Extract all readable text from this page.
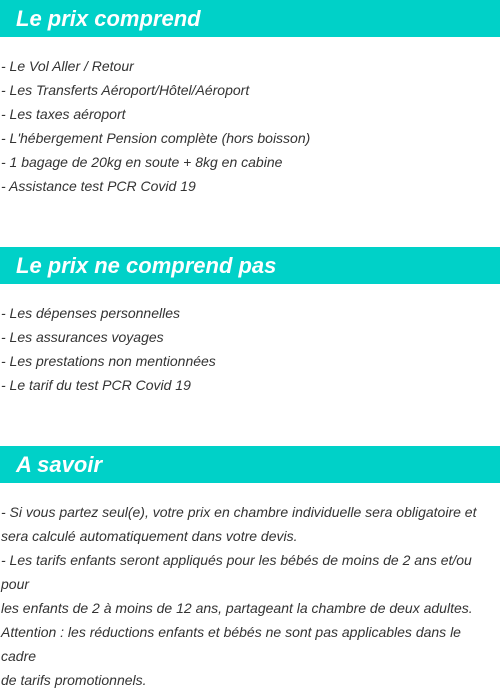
Le prix comprend
- Le Vol Aller / Retour
- Les Transferts Aéroport/Hôtel/Aéroport
- Les taxes aéroport
- L'hébergement Pension complète (hors boisson)
- 1 bagage de 20kg en soute + 8kg en cabine
- Assistance test PCR Covid 19
Le prix ne comprend pas
- Les dépenses personnelles
- Les assurances voyages
- Les prestations non mentionnées
- Le tarif du test PCR Covid 19
A savoir
- Si vous partez seul(e), votre prix en chambre individuelle sera obligatoire et
sera calculé automatiquement dans votre devis.
- Les tarifs enfants seront appliqués pour les bébés de moins de 2 ans et/ou pour
les enfants de 2 à moins de 12 ans, partageant la chambre de deux adultes.
Attention : les réductions enfants et bébés ne sont pas applicables dans le cadre
de tarifs promotionnels.
